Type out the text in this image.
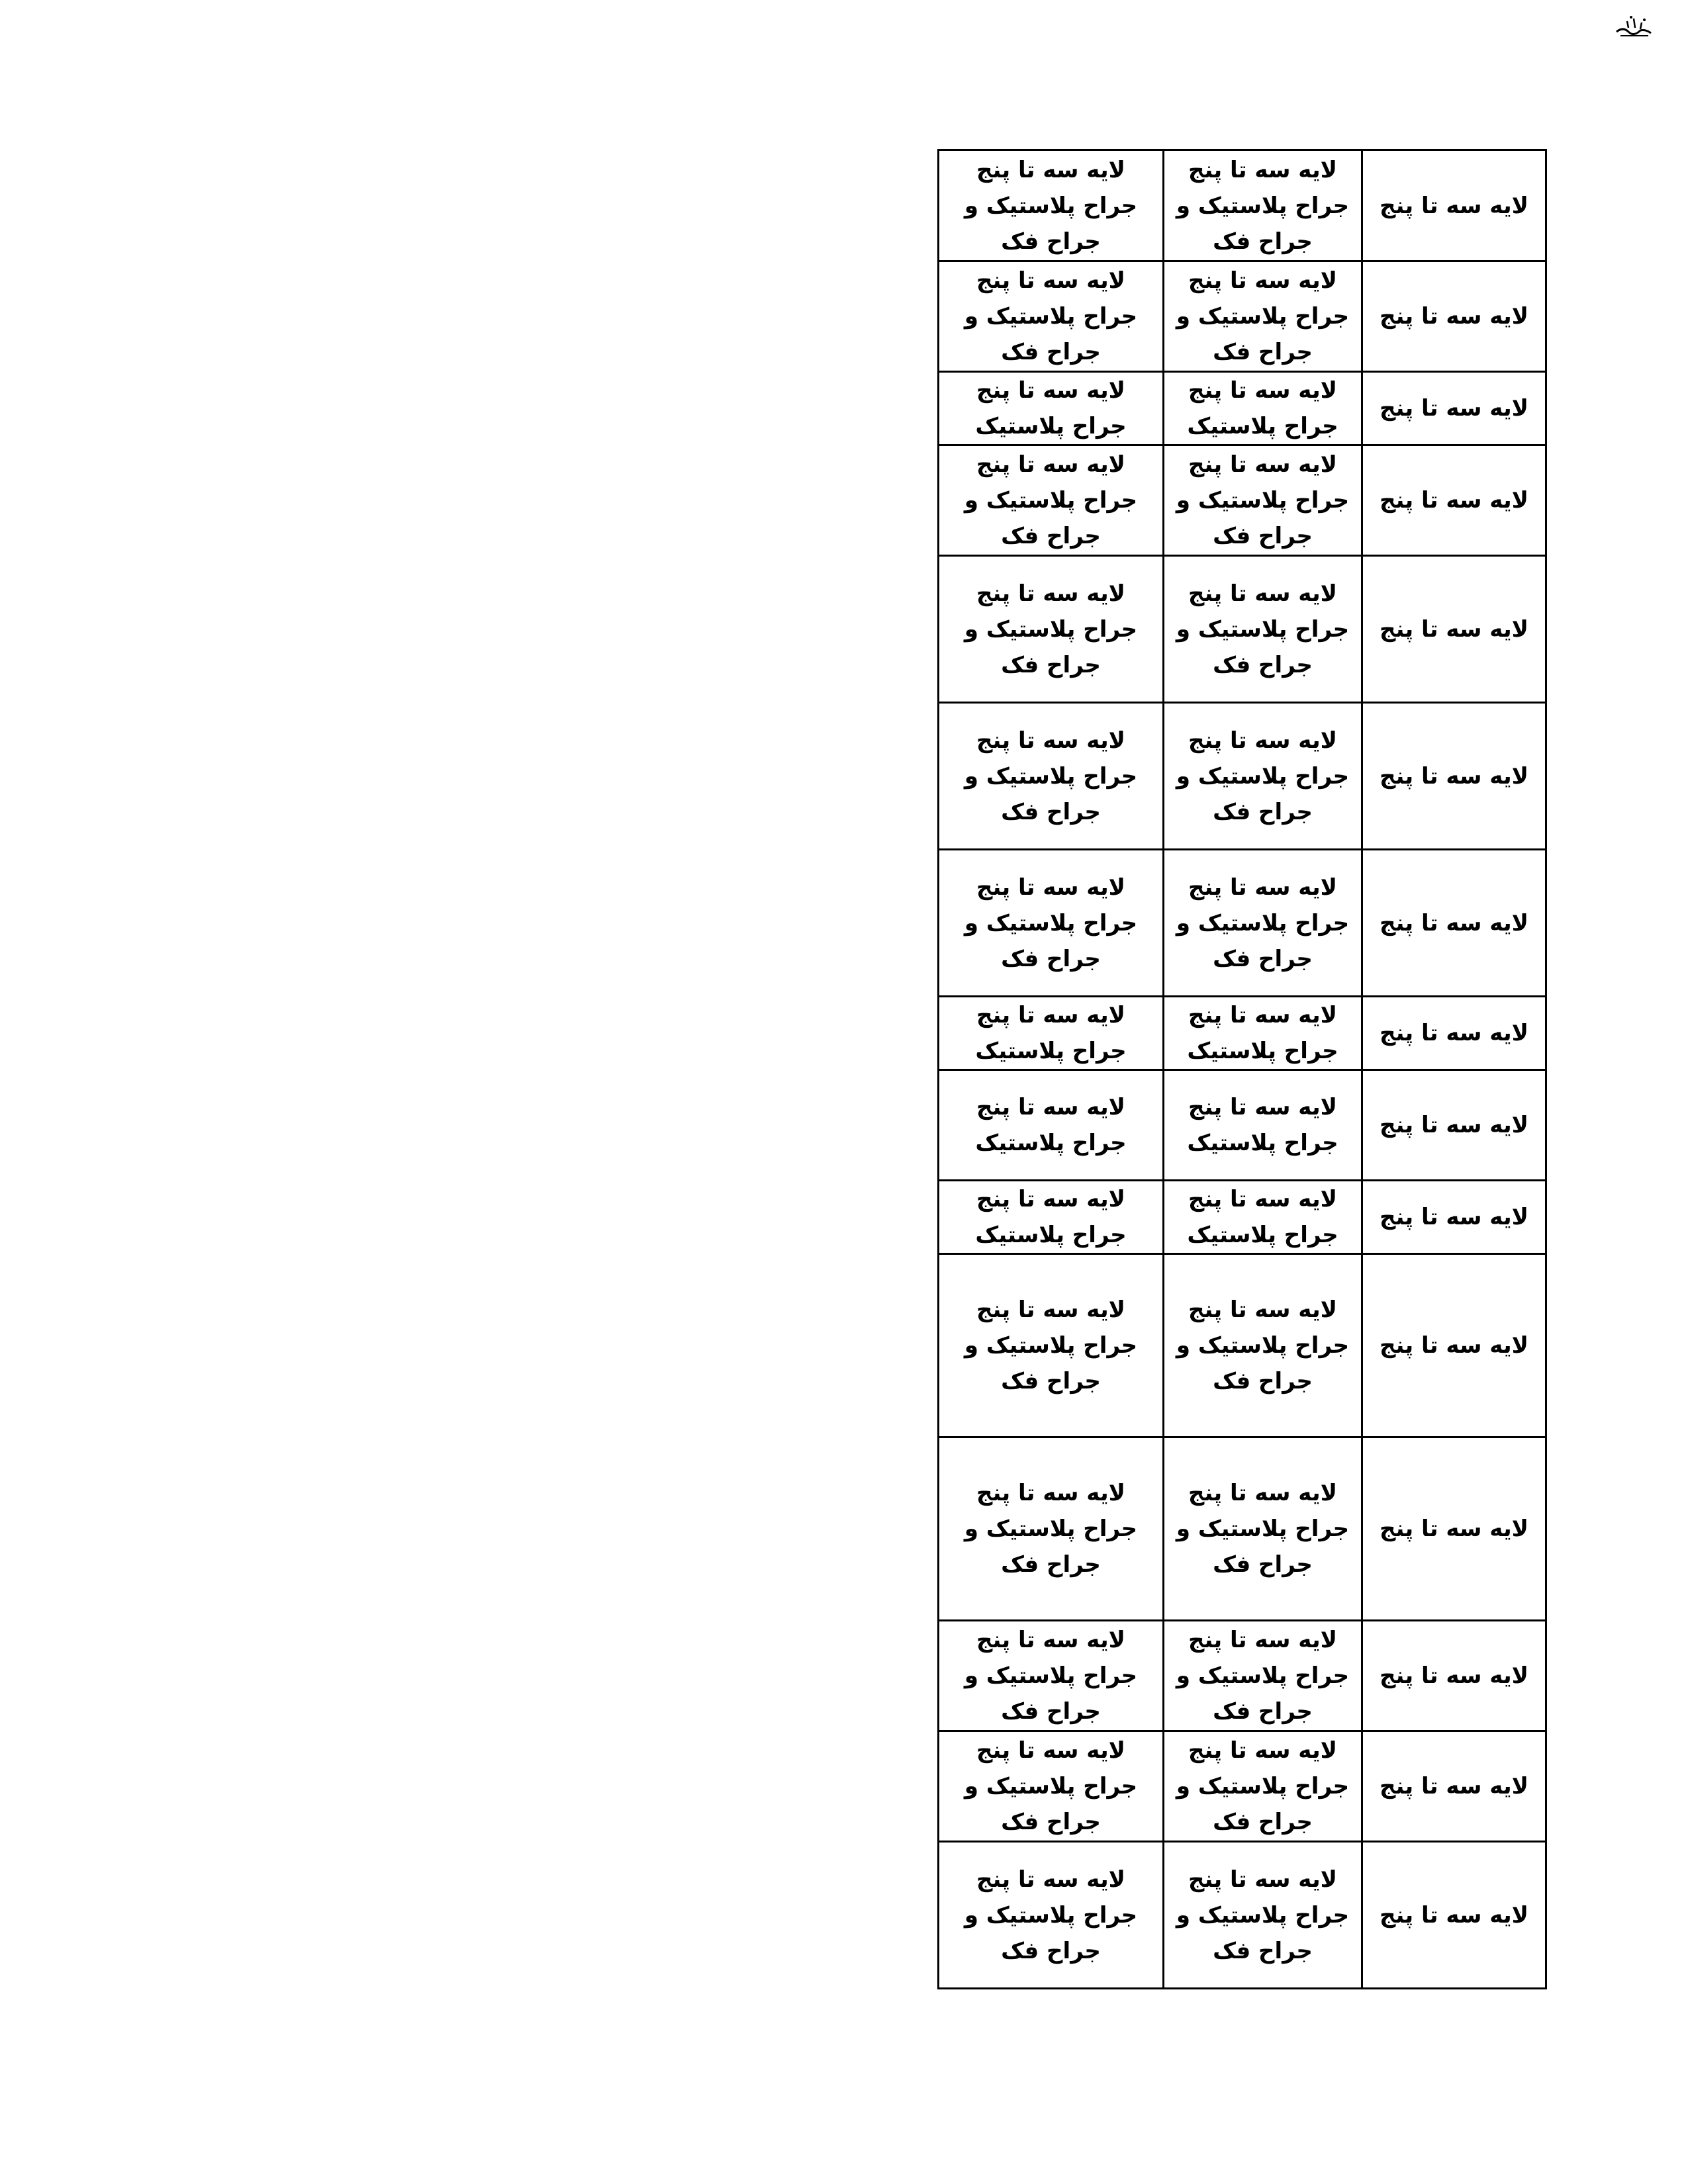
لایه سه تا پنج	لایه سه تا پنج
جراح پلاستیک و
جراح فک	لایه سه تا پنج
جراح پلاستیک و
جراح فک

لایه سه تا پنج	لایه سه تا پنج
جراح پلاستیک و
جراح فک	لایه سه تا پنج
جراح پلاستیک و
جراح فک

لایه سه تا پنج	لایه سه تا پنج
جراح پلاستیک	لایه سه تا پنج
جراح پلاستیک

لایه سه تا پنج	لایه سه تا پنج
جراح پلاستیک و
جراح فک	لایه سه تا پنج
جراح پلاستیک و
جراح فک

لایه سه تا پنج	لایه سه تا پنج
جراح پلاستیک و
جراح فک	لایه سه تا پنج
جراح پلاستیک و
جراح فک

لایه سه تا پنج	لایه سه تا پنج
جراح پلاستیک و
جراح فک	لایه سه تا پنج
جراح پلاستیک و
جراح فک

لایه سه تا پنج	لایه سه تا پنج
جراح پلاستیک و
جراح فک	لایه سه تا پنج
جراح پلاستیک و
جراح فک

لایه سه تا پنج	لایه سه تا پنج
جراح پلاستیک	لایه سه تا پنج
جراح پلاستیک

لایه سه تا پنج	لایه سه تا پنج
جراح پلاستیک	لایه سه تا پنج
جراح پلاستیک

لایه سه تا پنج	لایه سه تا پنج
جراح پلاستیک	لایه سه تا پنج
جراح پلاستیک

لایه سه تا پنج	لایه سه تا پنج
جراح پلاستیک و
جراح فک	لایه سه تا پنج
جراح پلاستیک و
جراح فک

لایه سه تا پنج	لایه سه تا پنج
جراح پلاستیک و
جراح فک	لایه سه تا پنج
جراح پلاستیک و
جراح فک

لایه سه تا پنج	لایه سه تا پنج
جراح پلاستیک و
جراح فک	لایه سه تا پنج
جراح پلاستیک و
جراح فک

لایه سه تا پنج	لایه سه تا پنج
جراح پلاستیک و
جراح فک	لایه سه تا پنج
جراح پلاستیک و
جراح فک

لایه سه تا پنج	لایه سه تا پنج
جراح پلاستیک و
جراح فک	لایه سه تا پنج
جراح پلاستیک و
جراح فک
